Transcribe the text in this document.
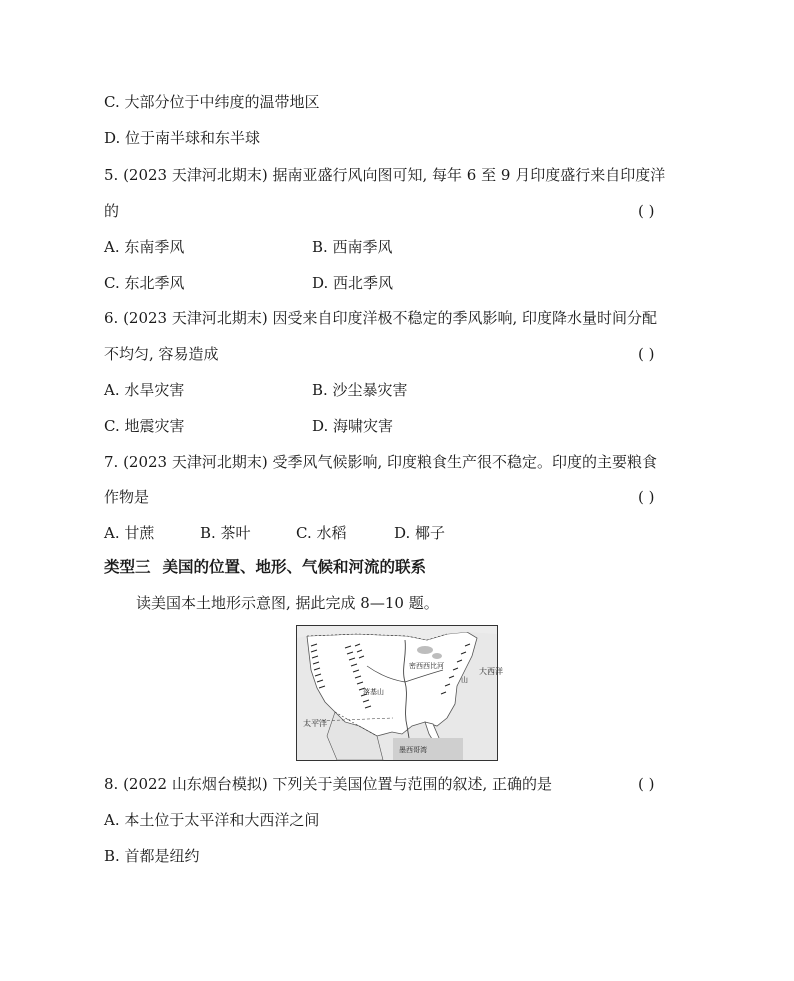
C. 大部分位于中纬度的温带地区
D. 位于南半球和东半球
5. (2023 天津河北期末) 据南亚盛行风向图可知, 每年 6 至 9 月印度盛行来自印度洋
的	( )
A. 东南季风	B. 西南季风
C. 东北季风	D. 西北季风
6. (2023 天津河北期末) 因受来自印度洋极不稳定的季风影响, 印度降水量时间分配
不均匀, 容易造成	( )
A. 水旱灾害	B. 沙尘暴灾害
C. 地震灾害	D. 海啸灾害
7. (2023 天津河北期末) 受季风气候影响, 印度粮食生产很不稳定。印度的主要粮食
作物是	( )
A. 甘蔗	B. 茶叶	C. 水稻	D. 椰子
类型三 美国的位置、地形、气候和河流的联系
读美国本土地形示意图, 据此完成 8—10 题。
大西洋
太平洋
墨西哥湾
密西西比河
落基山
山
8. (2022 山东烟台模拟) 下列关于美国位置与范围的叙述, 正确的是	( )
A. 本土位于太平洋和大西洋之间
B. 首都是纽约
